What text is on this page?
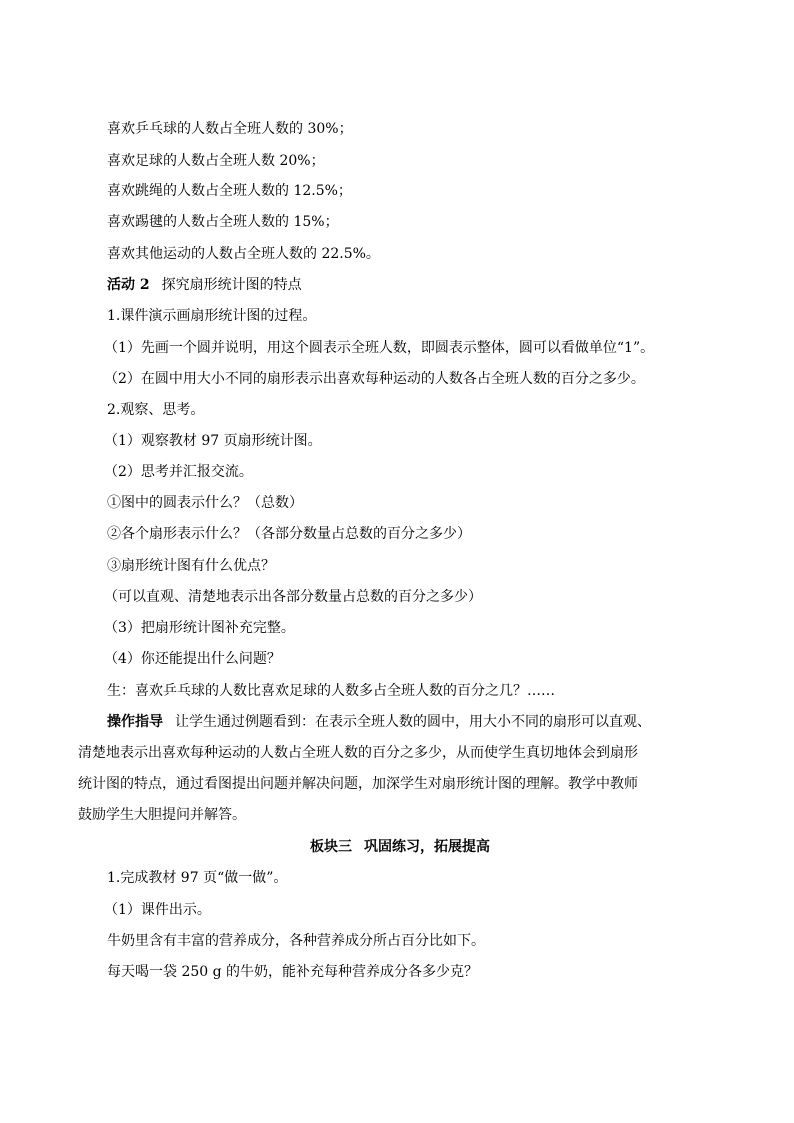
喜欢乒乓球的人数占全班人数的 30%；
喜欢足球的人数占全班人数 20%；
喜欢跳绳的人数占全班人数的 12.5%；
喜欢踢毽的人数占全班人数的 15%；
喜欢其他运动的人数占全班人数的 22.5%。
活动 2 探究扇形统计图的特点
1.课件演示画扇形统计图的过程。
（1）先画一个圆并说明，用这个圆表示全班人数，即圆表示整体，圆可以看做单位“1”。
（2）在圆中用大小不同的扇形表示出喜欢每种运动的人数各占全班人数的百分之多少。
2.观察、思考。
（1）观察教材 97 页扇形统计图。
（2）思考并汇报交流。
①图中的圆表示什么？（总数）
②各个扇形表示什么？（各部分数量占总数的百分之多少）
③扇形统计图有什么优点？
（可以直观、清楚地表示出各部分数量占总数的百分之多少）
（3）把扇形统计图补充完整。
（4）你还能提出什么问题？
生：喜欢乒乓球的人数比喜欢足球的人数多占全班人数的百分之几？……
操作指导 让学生通过例题看到：在表示全班人数的圆中，用大小不同的扇形可以直观、
清楚地表示出喜欢每种运动的人数占全班人数的百分之多少，从而使学生真切地体会到扇形
统计图的特点，通过看图提出问题并解决问题，加深学生对扇形统计图的理解。教学中教师
鼓励学生大胆提问并解答。
板块三 巩固练习，拓展提高
1.完成教材 97 页“做一做”。
（1）课件出示。
牛奶里含有丰富的营养成分，各种营养成分所占百分比如下。
每天喝一袋 250 g 的牛奶，能补充每种营养成分各多少克？
